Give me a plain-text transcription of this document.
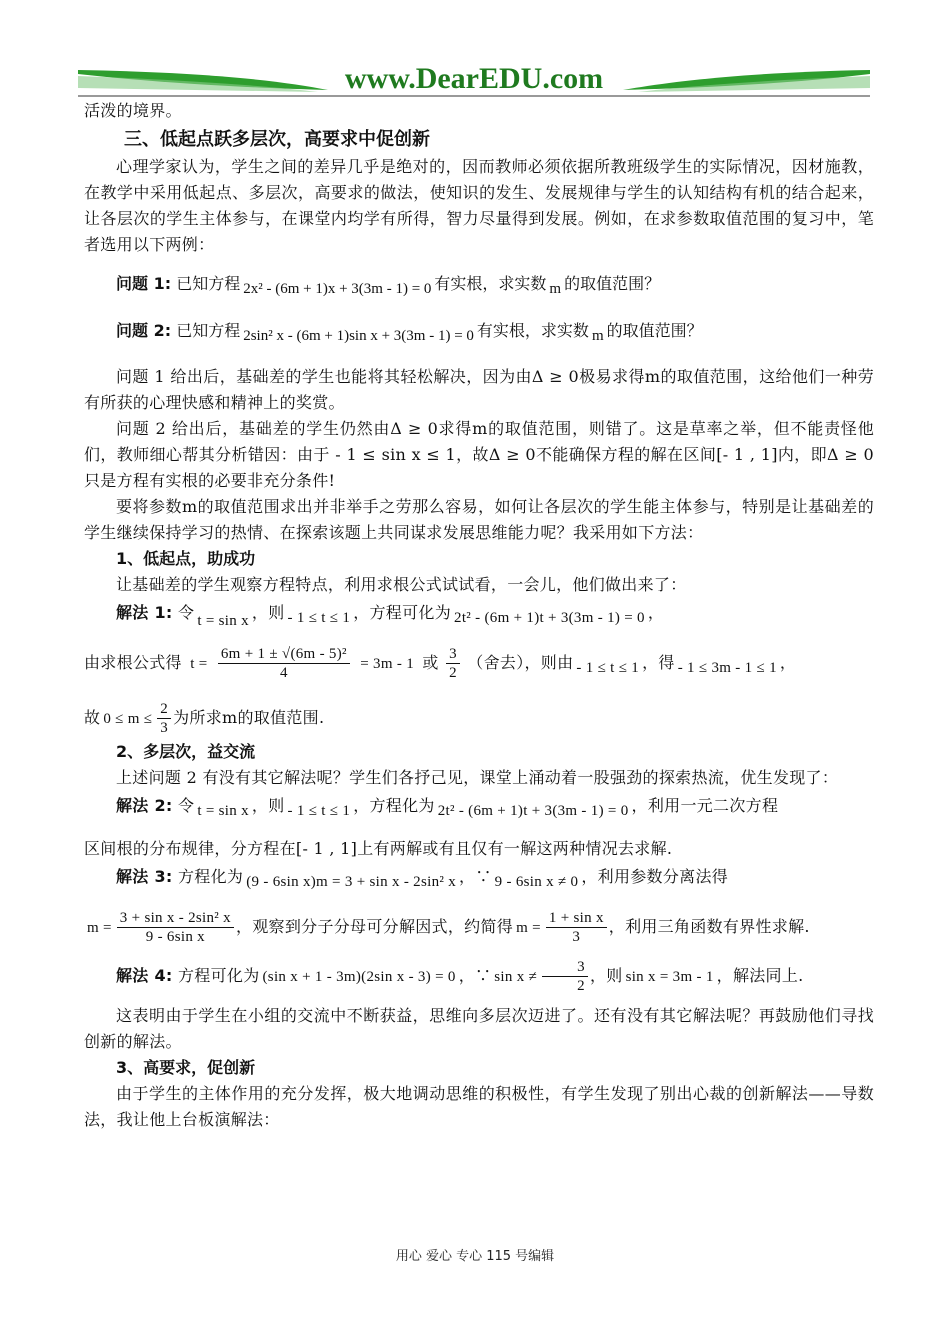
www.DearEDU.com

活泼的境界。

三、低起点跃多层次，高要求中促创新

心理学家认为，学生之间的差异几乎是绝对的，因而教师必须依据所教班级学生的实际情况，因材施教，在教学中采用低起点、多层次，高要求的做法，使知识的发生、发展规律与学生的认知结构有机的结合起来，让各层次的学生主体参与，在课堂内均学有所得，智力尽量得到发展。例如，在求参数取值范围的复习中，笔者选用以下两例：

问题 1: 已知方程 2x² - (6m + 1)x + 3(3m - 1) = 0 有实根，求实数 m 的取值范围？

问题 2: 已知方程 2sin² x - (6m + 1)sin x + 3(3m - 1) = 0 有实根，求实数 m 的取值范围？

问题 1 给出后，基础差的学生也能将其轻松解决，因为由Δ ≥ 0极易求得m的取值范围，这给他们一种劳有所获的心理快感和精神上的奖赏。

问题 2 给出后，基础差的学生仍然由Δ ≥ 0求得m的取值范围，则错了。这是草率之举，但不能责怪他们，教师细心帮其分析错因：由于 - 1 ≤ sin x ≤ 1，故Δ ≥ 0不能确保方程的解在区间[- 1 , 1]内，即Δ ≥ 0只是方程有实根的必要非充分条件!

要将参数m的取值范围求出并非举手之劳那么容易，如何让各层次的学生能主体参与，特别是让基础差的学生继续保持学习的热情、在探索该题上共同谋求发展思维能力呢？我采用如下方法：

1、低起点，助成功

让基础差的学生观察方程特点，利用求根公式试试看，一会儿，他们做出来了：

解法 1: 令 t = sin x ，则 - 1 ≤ t ≤ 1 ，方程可化为 2t² - (6m + 1)t + 3(3m - 1) = 0 ，

由求根公式得 $t = \frac{\text{6m + 1 ± √(6m - 5)²}}{4} = 3m - 1$ 或 $\frac{3}{2}$ （舍去），则由 - 1 ≤ t ≤ 1 ，得 - 1 ≤ 3m - 1 ≤ 1 ，

故 $0 \le m \le \frac{2}{3}$ 为所求m的取值范围.

2、多层次，益交流

上述问题 2 有没有其它解法呢？学生们各抒己见，课堂上涌动着一股强劲的探索热流，优生发现了：

解法 2: 令 t = sin x ，则 - 1 ≤ t ≤ 1 ，方程化为 2t² - (6m + 1)t + 3(3m - 1) = 0 ，利用一元二次方程

区间根的分布规律，分方程在[- 1 , 1]上有两解或有且仅有一解这两种情况去求解.

解法 3: 方程化为 (9 - 6sin x)m = 3 + sin x - 2sin² x ，∵ 9 - 6sin x ≠ 0 ，利用参数分离法得

$m = \frac{\text{3 + sin x - 2sin² x}}{\text{9 - 6sin x}}$ ，观察到分子分母可分解因式，约简得 $m = \frac{\text{1 + sin x}}{3}$ ，利用三角函数有界性求解.

解法 4: 方程可化为 (sin x + 1 - 3m)(2sin x - 3) = 0 ，∵ $\sin x \ne \frac{3}{2}$ ，则 sin x = 3m - 1 ，解法同上.

这表明由于学生在小组的交流中不断获益，思维向多层次迈进了。还有没有其它解法呢？再鼓励他们寻找创新的解法。

3、高要求，促创新

由于学生的主体作用的充分发挥，极大地调动思维的积极性，有学生发现了别出心裁的创新解法——导数法，我让他上台板演解法：

用心 爱心 专心 115 号编辑
